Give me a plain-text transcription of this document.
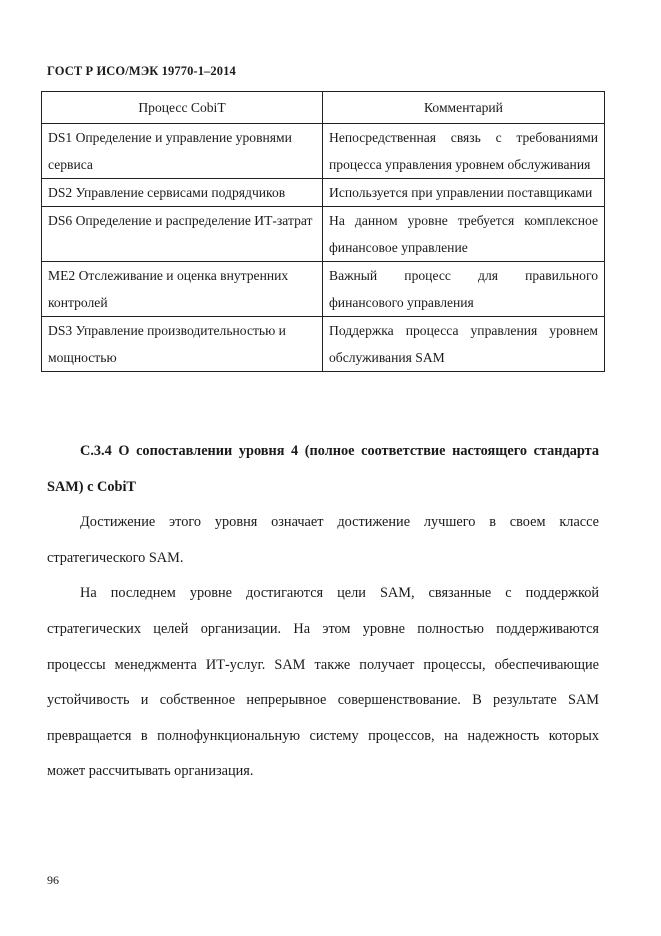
ГОСТ Р ИСО/МЭК 19770-1–2014
Процесс CobiT	Комментарий
DS1 Определение и управление уровнями сервиса	Непосредственная связь с требованиями процесса управления уровнем обслуживания
DS2 Управление сервисами подрядчиков	Используется при управлении поставщиками
DS6 Определение и распределение ИТ-затрат	На данном уровне требуется комплексное финансовое управление
ME2 Отслеживание и оценка внутренних контролей	Важный процесс для правильного финансового управления
DS3 Управление производительностью и мощностью	Поддержка процесса управления уровнем обслуживания SAM

С.3.4 О сопоставлении уровня 4 (полное соответствие настоящего стандарта SAM) с CobiT

Достижение этого уровня означает достижение лучшего в своем классе стратегического SAM.

На последнем уровне достигаются цели SAM, связанные с поддержкой стратегических целей организации. На этом уровне полностью поддерживаются процессы менеджмента ИТ-услуг. SAM также получает процессы, обеспечивающие устойчивость и собственное непрерывное совершенствование. В результате SAM превращается в полнофункциональную систему процессов, на надежность которых может рассчитывать организация.

96
